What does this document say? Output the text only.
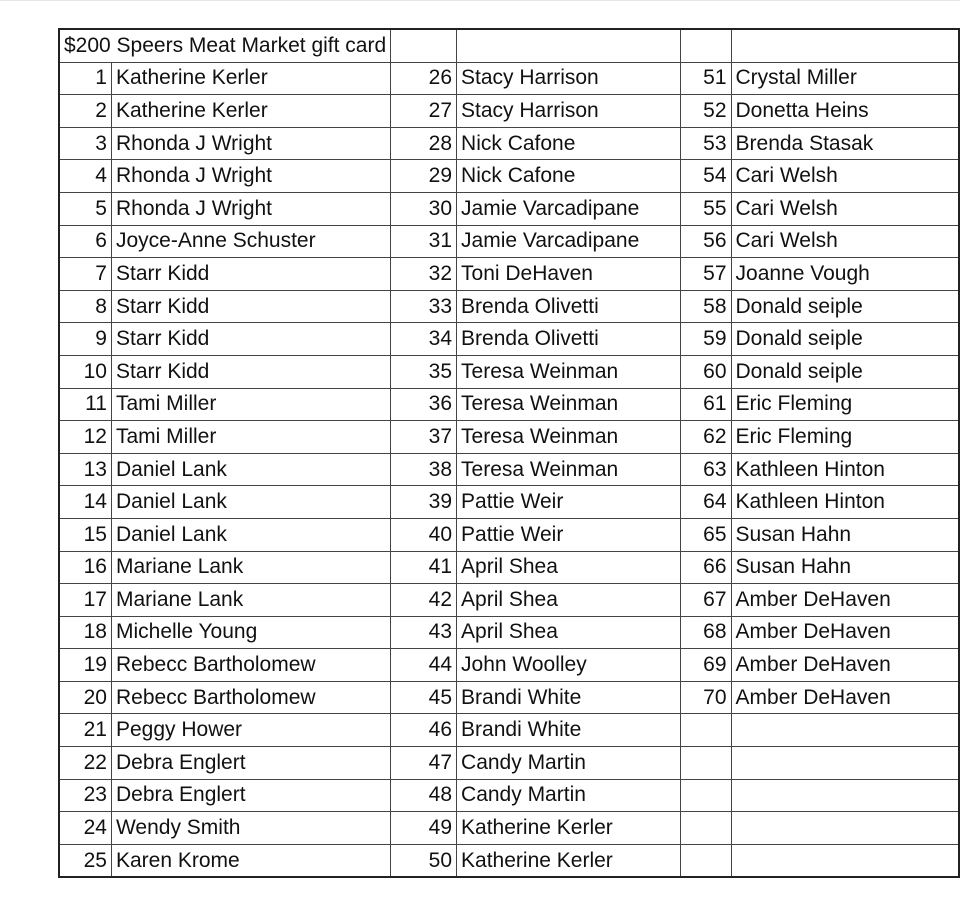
$200 Speers Meat Market gift card					
1	Katherine Kerler	26	Stacy Harrison	51	Crystal Miller
2	Katherine Kerler	27	Stacy Harrison	52	Donetta Heins
3	Rhonda J Wright	28	Nick Cafone	53	Brenda Stasak
4	Rhonda J Wright	29	Nick Cafone	54	Cari Welsh
5	Rhonda J Wright	30	Jamie Varcadipane	55	Cari Welsh
6	Joyce-Anne Schuster	31	Jamie Varcadipane	56	Cari Welsh
7	Starr Kidd	32	Toni DeHaven	57	Joanne Vough
8	Starr Kidd	33	Brenda Olivetti	58	Donald seiple
9	Starr Kidd	34	Brenda Olivetti	59	Donald seiple
10	Starr Kidd	35	Teresa Weinman	60	Donald seiple
11	Tami Miller	36	Teresa Weinman	61	Eric Fleming
12	Tami Miller	37	Teresa Weinman	62	Eric Fleming
13	Daniel Lank	38	Teresa Weinman	63	Kathleen Hinton
14	Daniel Lank	39	Pattie Weir	64	Kathleen Hinton
15	Daniel Lank	40	Pattie Weir	65	Susan Hahn
16	Mariane Lank	41	April Shea	66	Susan Hahn
17	Mariane Lank	42	April Shea	67	Amber DeHaven
18	Michelle Young	43	April Shea	68	Amber DeHaven
19	Rebecc Bartholomew	44	John Woolley	69	Amber DeHaven
20	Rebecc Bartholomew	45	Brandi White	70	Amber DeHaven
21	Peggy Hower	46	Brandi White		
22	Debra Englert	47	Candy Martin		
23	Debra Englert	48	Candy Martin		
24	Wendy Smith	49	Katherine Kerler		
25	Karen Krome	50	Katherine Kerler		
